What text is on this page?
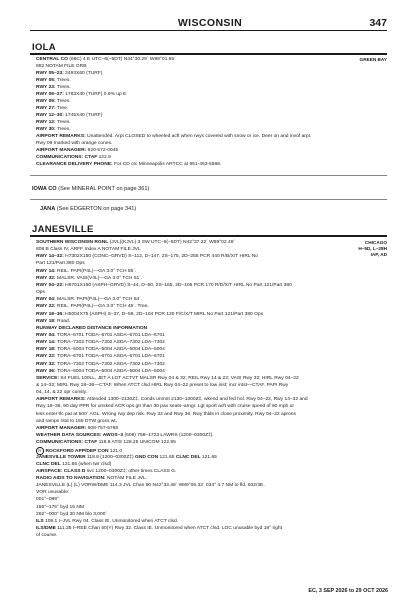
WISCONSIN	347
IOLA
GREEN BAY
CENTRAL CO (68C) 4 E UTC–6(–5DT) N44°30.29´ W89°01.55´
882 NOTAM FILE GRB
RWY 05–23: 2493X60 (TURF)
RWY 05: Trees.
RWY 23: Trees.
RWY 09–27: 1783X40 (TURF) 0.6% up E
RWY 09: Trees.
RWY 27: Tree.
RWY 12–30: 1745X40 (TURF)
RWY 12: Trees.
RWY 30: Trees.
AIRPORT REMARKS: Unattended. Arpt CLOSED to wheeled acft when rwys covered with snow or ice. Deer on and invof arpt.
Rwy 09 marked with orange cones.
AIRPORT MANAGER: 920-572-0045
COMMUNICATIONS: CTAF 122.9
CLEARANCE DELIVERY PHONE: For CD ctc Minneapolis ARTCC at 651-463-5588.
IOWA CO (See MINERAL POINT on page 361)
JANA (See EDGERTON on page 341)
JANESVILLE
CHICAGO
H–5D, L–28H
IAP, AD
SOUTHERN WISCONSIN RGNL (JVL)(KJVL) 3 SW UTC–6(–5DT) N42°37.22´ W89°02.49´
808 B Class IV, ARFF Index A NOTAM FILE JVL
RWY 14–32: H7302X150 (CONC–GRVD) S–112, D–147, 2S–175, 2D–255 PCR 440 R/B/X/T HIRL No
Part 121/Part 380 Ops
RWY 14: REIL. PAPI(P4L)—GA 3.0° TCH 55´.
RWY 32: MALSR. VASI(V4L)—GA 3.0° TCH 51´.
RWY 04–22: H6701X150 (ASPH–GRVD) S–44, D–60, 2S–165, 2D–105 PCR 170 R/D/X/T HIRL No Part 121/Part 380
Ops
RWY 04: MALSR. PAPI(P4L)—GA 3.0° TCH 54´.
RWY 22: REIL. PAPI(P4L)—GA 3.0° TCH 45´. Tree.
RWY 18–36: H5004X75 (ASPH) S–37, D–58, 2D–104 PCR 130 F/C/X/T MIRL No Part 121/Part 380 Ops
RWY 18: Road.
RUNWAY DECLARED DISTANCE INFORMATION
RWY 04: TORA–6701 TODA–6701 ASDA–6701 LDA–6701
RWY 14: TORA–7302 TODA–7302 ASDA–7302 LDA–7302
RWY 18: TORA–5004 TODA–5004 ASDA–5004 LDA–5004
RWY 22: TORA–6701 TODA–6701 ASDA–6701 LDA–6701
RWY 32: TORA–7302 TODA–7302 ASDA–7302 LDA–7302
RWY 36: TORA–5004 TODA–5004 ASDA–5004 LDA–5004
SERVICE: S4 FUEL 100LL, JET A LGT ACTVT MALSR Rwy 04 & 32; REIL Rwy 14 & 22; VASI Rwy 32; HIRL Rwy 04–22
& 14–32; MIRL Rwy 18–36—CTAF. When ATCT clsd HIRL Rwy 04–22 preset to low inst; incr intst—CTAF. PAPI Rwy
04, 14, & 22 opr consly.
AIRPORT REMARKS: Attended 1300–2130Z‡. Conds unmnt 2130–1300Z‡, wkend and fed hol. Rwy 04–22, Rwy 14–32 and
Rwy 18–36, 90 day PPR for unsked ACR ops gtr than 30 pax seats–arngr. Lgt sport acft with cruise speed of 60 mph or
less enter tfc pat at 500´ AGL. Wrong rwy dep risk. Rwy 32 and Rwy 36. Rwy thlds in close proximity. Rwy 04–22 aprons
and ramps rstd to 155 DTW gross wt.
AIRPORT MANAGER: 608-757-5768
WEATHER DATA SOURCES: AWOS–3 (608) 758–1723 LAWRS (1200–0300Z‡).
COMMUNICATIONS: CTAF 118.8 ATIS 128.25 UNICOM 122.95
R ROCKFORD APP/DEP CON 121.0
JANESVILLE TOWER 118.8 (1200–0300Z‡) GND CON 121.65 CLNC DEL 121.65
CLNC DEL 121.65 (when twr clsd)
AIRSPACE: CLASS D svc 1200–0300Z‡; other times CLASS G.
RADIO AIDS TO NAVIGATION: NOTAM FILE JVL.
JANESVILLE (L) (L) VORW/DME 114.3 JVL Chan 90 N42°33.48´ W89°06.32´ 034° 4.7 NM to fld. 932/3E.
VOR unusable:
001°–089°
155°–175° byd 15 NM
282°–000° byd 30 NM blo 3,000´
ILS 109.1 I–JVL Rwy 04. Class IE. Unmonitored when ATCT clsd.
ILS/DME 111.35 I–REE Chan 50(Y) Rwy 32. Class IE. Unmonitored when ATCT clsd. LOC unusable byd 19° right
of course.
EC, 3 SEP 2026 to 29 OCT 2026
